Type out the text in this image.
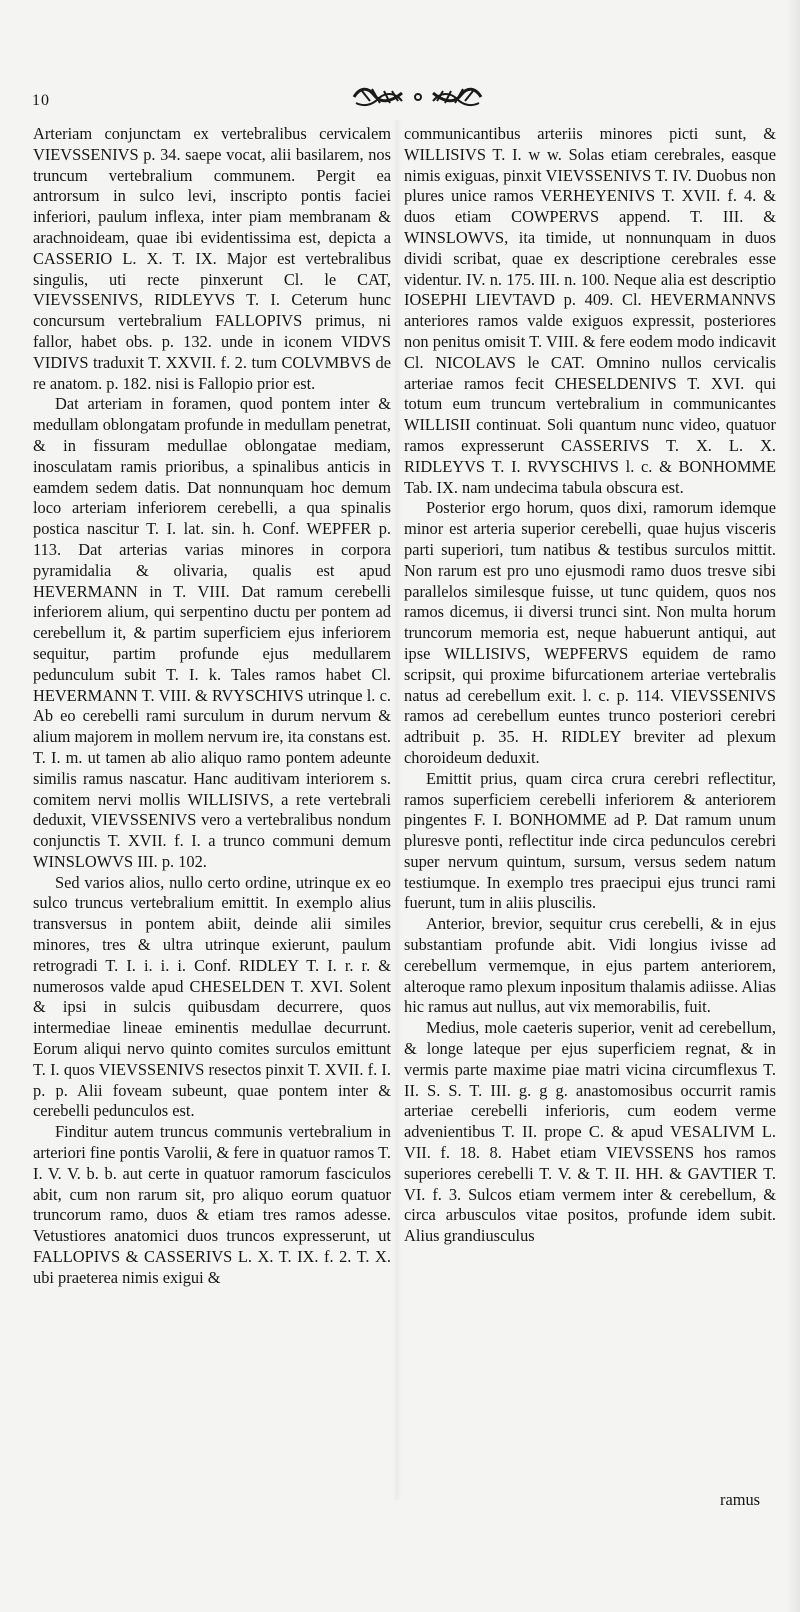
10

Arteriam conjunctam ex vertebralibus cervicalem VIEVSSENIVS p. 34. saepe vocat, alii basilarem, nos truncum vertebralium communem. Pergit ea antrorsum in sulco levi, inscripto pontis faciei inferiori, paulum inflexa, inter piam membranam & arachnoideam, quae ibi evidentissima est, depicta a CASSERIO L. X. T. IX. Major est vertebralibus singulis, uti recte pinxerunt Cl. le CAT, VIEVSSENIVS, RIDLEYVS T. I. Ceterum hunc concursum vertebralium FALLOPIVS primus, ni fallor, habet obs. p. 132. unde in iconem VIDVS VIDIVS traduxit T. XXVII. f. 2. tum COLVMBVS de re anatom. p. 182. nisi is Fallopio prior est.

Dat arteriam in foramen, quod pontem inter & medullam oblongatam profunde in medullam penetrat, & in fissuram medullae oblongatae mediam, inosculatam ramis prioribus, a spinalibus anticis in eamdem sedem datis. Dat nonnunquam hoc demum loco arteriam inferiorem cerebelli, a qua spinalis postica nascitur T. I. lat. sin. h. Conf. WEPFER p. 113. Dat arterias varias minores in corpora pyramidalia & olivaria, qualis est apud HEVERMANN in T. VIII. Dat ramum cerebelli inferiorem alium, qui serpentino ductu per pontem ad cerebellum it, & partim superficiem ejus inferiorem sequitur, partim profunde ejus medullarem pedunculum subit T. I. k. Tales ramos habet Cl. HEVERMANN T. VIII. & RVYSCHIVS utrinque l. c. Ab eo cerebelli rami surculum in durum nervum & alium majorem in mollem nervum ire, ita constans est. T. I. m. ut tamen ab alio aliquo ramo pontem adeunte similis ramus nascatur. Hanc auditivam interiorem s. comitem nervi mollis WILLISIVS, a rete vertebrali deduxit, VIEVSSENIVS vero a vertebralibus nondum conjunctis T. XVII. f. I. a trunco communi demum WINSLOWVS III. p. 102.

Sed varios alios, nullo certo ordine, utrinque ex eo sulco truncus vertebralium emittit. In exemplo alius transversus in pontem abiit, deinde alii similes minores, tres & ultra utrinque exierunt, paulum retrogradi T. I. i. i. i. Conf. RIDLEY T. I. r. r. & numerosos valde apud CHESELDEN T. XVI. Solent & ipsi in sulcis quibusdam decurrere, quos intermediae lineae eminentis medullae decurrunt. Eorum aliqui nervo quinto comites surculos emittunt T. I. quos VIEVSSENIVS resectos pinxit T. XVII. f. I. p. p. Alii foveam subeunt, quae pontem inter & cerebelli pedunculos est.

Finditur autem truncus communis vertebralium in arteriori fine pontis Varolii, & fere in quatuor ramos T. I. V. V. b. b. aut certe in quatuor ramorum fasciculos abit, cum non rarum sit, pro aliquo eorum quatuor truncorum ramo, duos & etiam tres ramos adesse. Vetustiores anatomici duos truncos expresserunt, ut FALLOPIVS & CASSERIVS L. X. T. IX. f. 2. T. X. ubi praeterea nimis exigui &

communicantibus arteriis minores picti sunt, & WILLISIVS T. I. w w. Solas etiam cerebrales, easque nimis exiguas, pinxit VIEVSSENIVS T. IV. Duobus non plures unice ramos VERHEYENIVS T. XVII. f. 4. & duos etiam COWPERVS append. T. III. & WINSLOWVS, ita timide, ut nonnunquam in duos dividi scribat, quae ex descriptione cerebrales esse videntur. IV. n. 175. III. n. 100. Neque alia est descriptio IOSEPHI LIEVTAVD p. 409. Cl. HEVERMANNVS anteriores ramos valde exiguos expressit, posteriores non penitus omisit T. VIII. & fere eodem modo indicavit Cl. NICOLAVS le CAT. Omnino nullos cervicalis arteriae ramos fecit CHESELDENIVS T. XVI. qui totum eum truncum vertebralium in communicantes WILLISII continuat. Soli quantum nunc video, quatuor ramos expresserunt CASSERIVS T. X. L. X. RIDLEYVS T. I. RVYSCHIVS l. c. & BONHOMME Tab. IX. nam undecima tabula obscura est.

Posterior ergo horum, quos dixi, ramorum idemque minor est arteria superior cerebelli, quae hujus visceris parti superiori, tum natibus & testibus surculos mittit. Non rarum est pro uno ejusmodi ramo duos tresve sibi parallelos similesque fuisse, ut tunc quidem, quos nos ramos dicemus, ii diversi trunci sint. Non multa horum truncorum memoria est, neque habuerunt antiqui, aut ipse WILLISIVS, WEPFERVS equidem de ramo scripsit, qui proxime bifurcationem arteriae vertebralis natus ad cerebellum exit. l. c. p. 114. VIEVSSENIVS ramos ad cerebellum euntes trunco posteriori cerebri adtribuit p. 35. H. RIDLEY breviter ad plexum choroideum deduxit.

Emittit prius, quam circa crura cerebri reflectitur, ramos superficiem cerebelli inferiorem & anteriorem pingentes F. I. BONHOMME ad P. Dat ramum unum pluresve ponti, reflectitur inde circa pedunculos cerebri super nervum quintum, sursum, versus sedem natum testiumque. In exemplo tres praecipui ejus trunci rami fuerunt, tum in aliis pluscilis.

Anterior, brevior, sequitur crus cerebelli, & in ejus substantiam profunde abit. Vidi longius ivisse ad cerebellum vermemque, in ejus partem anteriorem, alteroque ramo plexum inpositum thalamis adiisse. Alias hic ramus aut nullus, aut vix memorabilis, fuit.

Medius, mole caeteris superior, venit ad cerebellum, & longe lateque per ejus superficiem regnat, & in vermis parte maxime piae matri vicina circumflexus T. II. S. S. T. III. g. g g. anastomosibus occurrit ramis arteriae cerebelli inferioris, cum eodem verme advenientibus T. II. prope C. & apud VESALIVM L. VII. f. 18. 8. Habet etiam VIEVSSENS hos ramos superiores cerebelli T. V. & T. II. HH. & GAVTIER T. VI. f. 3. Sulcos etiam vermem inter & cerebellum, & circa arbusculos vitae positos, profunde idem subit. Alius grandiusculus

ramus
